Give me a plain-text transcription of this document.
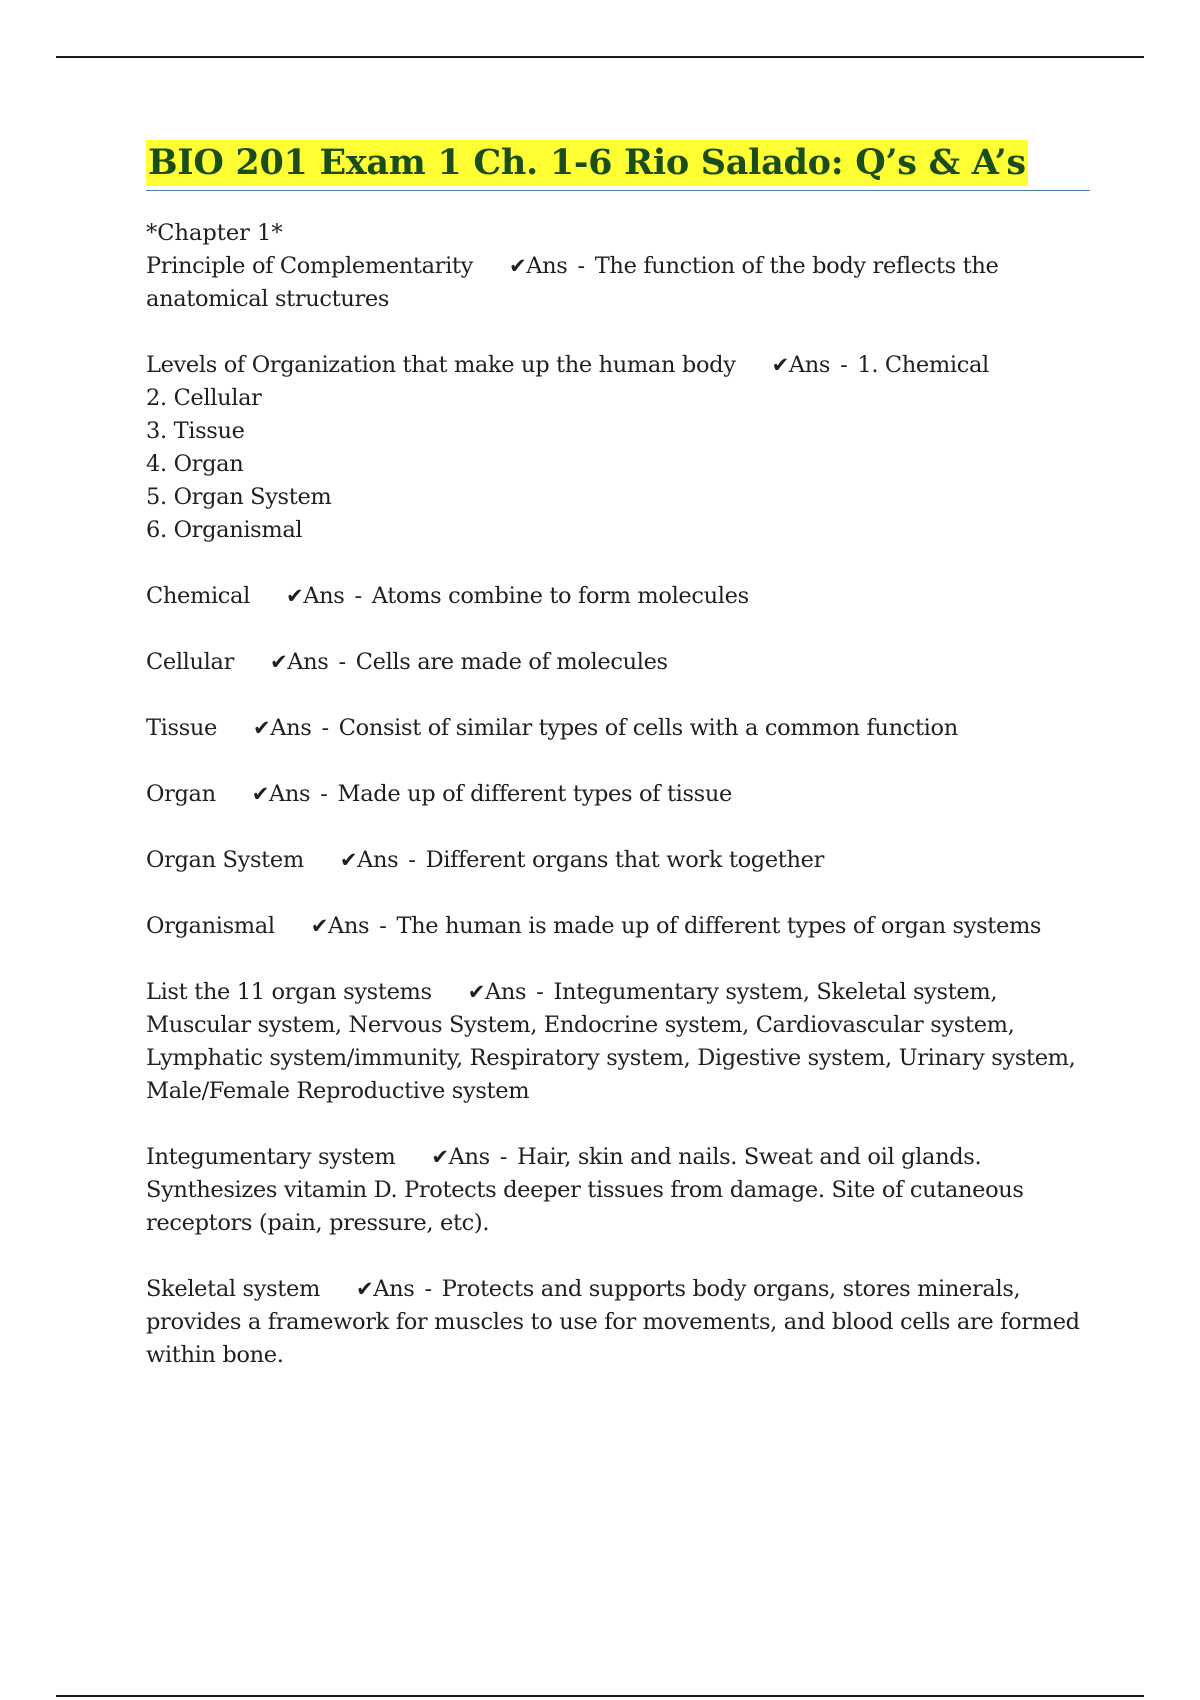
BIO 201 Exam 1 Ch. 1-6 Rio Salado: Q’s & A’s
*Chapter 1*
Principle of Complementarity ✔Ans - The function of the body reflects the anatomical structures
Levels of Organization that make up the human body ✔Ans - 1. Chemical
2. Cellular
3. Tissue
4. Organ
5. Organ System
6. Organismal
Chemical ✔Ans - Atoms combine to form molecules
Cellular ✔Ans - Cells are made of molecules
Tissue ✔Ans - Consist of similar types of cells with a common function
Organ ✔Ans - Made up of different types of tissue
Organ System ✔Ans - Different organs that work together
Organismal ✔Ans - The human is made up of different types of organ systems
List the 11 organ systems ✔Ans - Integumentary system, Skeletal system, Muscular system, Nervous System, Endocrine system, Cardiovascular system, Lymphatic system/immunity, Respiratory system, Digestive system, Urinary system, Male/Female Reproductive system
Integumentary system ✔Ans - Hair, skin and nails. Sweat and oil glands. Synthesizes vitamin D. Protects deeper tissues from damage. Site of cutaneous receptors (pain, pressure, etc).
Skeletal system ✔Ans - Protects and supports body organs, stores minerals, provides a framework for muscles to use for movements, and blood cells are formed within bone.
